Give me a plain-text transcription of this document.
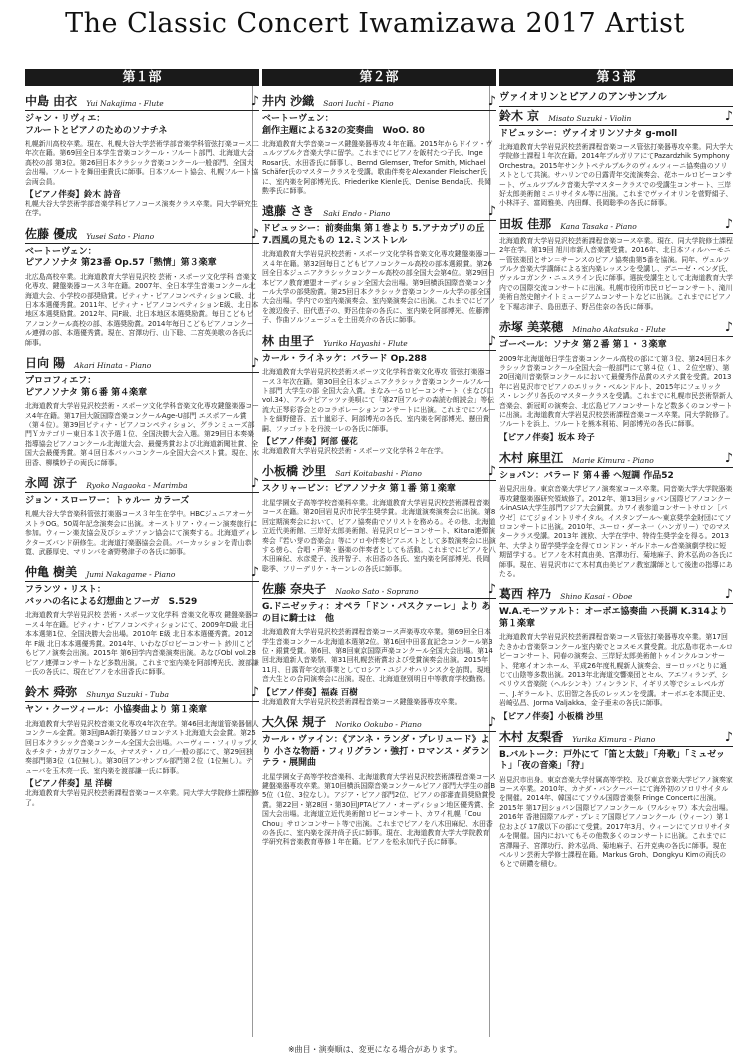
The Classic Concert Iwamizawa 2017 Artist
第１部
中島 由衣 Yui Nakajima - Flute	♪
ジャン・リヴィエ：
フルートとピアノのためのソナチネ
札幌新川高校卒業。現在、札幌大谷大学芸術学部音楽学科管弦打楽コース二年次在籍。第69回全日本学生音楽コンクール・フルート部門、北海道大会 高校の部 第3位。第26回日本クラシック音楽コンクール一般部門、全国大会出場。フルートを舞田亜貴氏に師事。日本フルート協会、札幌フルート協会両会員。
【ピアノ伴奏】鈴木 詩音
札幌大谷大学芸術学部音楽学科ピアノコース演奏クラス卒業。同大学研究生在学。
佐藤 優成 Yusei Sato - Piano	♪
ベートーヴェン：
ピアノソナタ 第23番 Op.57「熱情」第３楽章
北広島高校卒業。北海道教育大学岩見沢校 芸術・スポーツ文化学科 音楽文化専攻、鍵盤楽器コース３年在籍。2007年、全日本学生音楽コンクール北海道大会、小学校の部奨励賞。ピティナ・ピアノコンペティションC級、北日本本選優秀賞。2011年、ピティナ・ピアノコンペティションE級、北日本地区本選奨励賞。2012年、同F級、北日本地区本選奨励賞。毎日こどもピアノコンクール高校の部、本選奨励賞。2014年毎日こどもピアノコンクール連弾の部、本選優秀賞。現在、宮澤功行、山下聡、二宮英美歌の各氏に師事。
日向 陽 Akari Hinata - Piano	♪
プロコフィエフ：
ピアノソナタ 第６番 第４楽章
北海道教育大学岩見沢校芸術・スポーツ文化学科音楽文化専攻鍵盤楽器コース4年在籍。第17回大阪国際音楽コンクールAge-U部門 エスポアール賞（第４位）。第39回ピティナ・ピアノコンペティション、グランミューズ部門Ｙカテゴリー東日本１次予選１位、全国決勝大会入選。第29回日本奏楽指導協会ピアノコンクール北海道大会、最優秀賞および北海道新聞社賞、全国大会最優秀賞。第４回日本バッハコンクール全国大会ベスト賞。現在、水田香、柳橋妙子の両氏に師事。
永岡 涼子 Ryoko Nagaoka - Marimba	♪
ジョン・スローワー：トゥルー カラーズ
札幌大谷大学音楽科管弦打楽器コース３年生在学中。HBCジュニアオーケストラOG。50周年記念演奏会に出演。オーストリア・ウィーン演奏旅行に参加。ウィーン楽友協会及びシェテファン協会にて演奏する。北海道ディレクターズバンド研修生。北海道打楽器協会会員。パーカッションを青山恭寛、武藤厚史、マリンバを斎野勢津子の各氏に師事。
仲亀 樹美 Jumi Nakagame - Piano	♪
フランツ・リスト：
バッハの名による幻想曲とフーガ　S.529
北海道教育大学岩見沢校 芸術・スポーツ文化学科 音楽文化専攻 鍵盤楽器コース４年在籍。ピティナ・ピアノコンペティションにて、2009年D級 北日本本選第1位、全国決勝大会出場。2010年 E級 北日本本選優秀賞。2012年 F級 北日本本選優秀賞。2014年、いわなびロビーコンサート 紗川こどもピアノ演奏会出演。2015年 第6回学内音楽演奏出演。あなびObl vol.28 ピアノ連弾コンサートなど多数出演。これまで室内楽を阿部博光氏、渡部謙一氏の各氏に、現在ピアノを水田香氏に師事。
鈴木 舜弥 Shunya Suzuki - Tuba	♪
ヤン・クーツィール：小協奏曲より 第１楽章
北海道教育大学岩見沢校音楽文化専攻4年次在学。第46回北海道管楽器個人コンクール金賞。第3回JBA新打楽器ソロコンテスト北海道大会金賞。第25回日本クラシック音楽コンクール全国大会出場。ハーヴィー・フィリップス＆チタテ・カガワコンクール、ナマステ・ノロ／一般の部にて、第29回独奏部門第3位（1位無し）。第30回アンサンブル部門第２位（1位無し）。テューバを玉木亮一氏、室内楽を渡部謙一氏に師事。
【ピアノ伴奏】星 洋樹
北海道教育大学岩見沢校芸術課程音楽コース卒業。同大学大学院修士課程修了。
第２部
井内 沙織 Saori Iuchi - Piano	♪
ベートーヴェン：
創作主題による32の変奏曲　WoO. 80
北海道教育大学音楽コース鍵盤楽器専攻４年在籍。2015年からドイツ・ヴュルツブルク音楽大学に留学。これまでにピアノを飯村たつ子氏、Inge Rosar氏、水田香氏に師事し、Bernd Glemser, Trefor Smith, Michael Schäfer氏のマスタークラスを受講。歌曲伴奏をAlexander Fleischer氏に、室内楽を阿部博光氏、Friederike Kienle氏、Denise Benda氏、長岡勲季氏に師事。
遠藤 さき Saki Endo - Piano	♪
ドビュッシー：前奏曲集 第１巻より 5.アナカプリの丘 7.西風の見たもの 12.ミンストレル
北海道教育大学岩見沢校芸術・スポーツ文化学科音楽文化専攻鍵盤楽器コース４年在籍。第32回毎日こどもピアノコンクール高校の部本選銀賞。第26回全日本ジュニアクラシックコンクール高校の部全国大会第4位。第29回日本ピアノ教育連盟オーディション全国大会出場。第9回横浜国際音楽コンクール大学の部奨励賞。第25回日本クラシック音楽コンクール大学の部全国大会出場。学内での室内楽演奏会、室内楽演奏会に出演。これまでにピアノを渡辺俊子、田代恵子の、野呂佳奈の各氏に、室内楽を阿部博光、佐藤滞子、作曲ソルフェージュを土田英介の各氏に師事。
林 由里子 Yuriko Hayashi - Flute	♪
カール・ライネッケ：バラード Op.288
北海道教育大学岩見沢校芸術スポーツ文化学科音楽文化専攻 管弦打楽器コース３年次在籍。第30回全日本ジュニアクラシック音楽コンクールフルート部門 大学生の部 全国大会入賞。まなみ一るロビーコンサート（まなび口vol.34）、アルテピアッツァ美唄にて「第27回アルテの森読む朗読会」等伝流大正琴彩香会とのコラボレーションコンサートに出演。これまでにフルートを細野健吾、五十嵐彩子、阿部博光の各氏、室内楽を阿部博光、懸田貴嗣、ファゴットを丹波一レの各氏に師事。
【ピアノ伴奏】阿部 優花
北海道教育大学岩見沢校芸術・スポーツ文化学科２年在学。
小板橋 沙里 Sari Koitabashi - Piano	♪
スクリャービン：ピアノソナタ 第１番 第１楽章
北星学園女子高等学校音楽科卒業。北海道教育大学岩見沢校芸術課程音楽コース在籍。第20回岩見沢市民学生奨学賞。北海道演奏演奏会に出演。第8回定期演奏会において、ピアノ協奏曲でソリストを務める。その他、北海道立近代美術館、三岸好太郎美術館、岩見沢ロビーコンサート、Kitara連弾演奏会『若い芽の音楽会』等にソロや伴奏ピアニストとして多数演奏会に出演する傍ら、合唱・声楽・器楽の伴奏者としても活動。これまでにピアノを八木田麻紀、水彦愛子、浅井智子、水田香の各氏、室内楽を阿部博光、長岡聡季、フリーデリケ・キーンレの各氏に師事。
佐藤 奈央子 Naoko Sato - Soprano	♪
G.ドニゼッティ：オペラ「ドン・パスクァーレ」より あの目に騎士は　他
北海道教育大学岩見沢校芸術課程音楽コース声楽専攻卒業。第69回全日本学生音楽コンクール北海道本選第2位。第16回中田喜直記念コンクール第3位・銀賞受賞。第6回、第8回東京国際声楽コンクール全国大会出場。第14回北海道新人音楽祭、第31回札幌芸術賞および受賞演奏会出演。2015年11月、日露青年交流事業としてロシア・ユジノサハリンスクを訪問。現地音大生との合同演奏会に出演。現在、北海道登別明日中等教育学校勤務。
【ピアノ伴奏】福森 百樹
北海道教育大学岩見沢校芸術課程音楽コース鍵盤楽器専攻卒業。
大久保 規子 Noriko Ookubo - Piano	♪
カール・ヴァイン：《アンネ・ランダ・プレリュード》より 小さな物語・フィリグラン・強打・ロマンス・ダランテラ・展開曲
北星学園女子高等学校音楽科、北海道教育大学岩見沢校芸術課程音楽コース鍵盤楽器専攻卒業。第10回横浜国際音楽コンクールピアノ部門大学生の部B 5位（1位、3位なし）。アジア・ピアノ部門2位、ピアノの部審査員奨励賞受賞。第22回・第28回・第30回JPTAピアノ・オーディション地区優秀賞、全国大会出場。北海道立近代美術館ロビーコンサート、カワイ札幌「Cou Chou」サロンコンサート等で出演。これまでピアノを八木田麻紀、水田香の各氏に、室内楽を深井尚子氏に師事。現在、北海道教育大学大学院教育学研究科音楽教育専修１年在籍。ピアノを松永加代子氏に師事。
第３部
ヴァイオリンとピアノのアンサンブル
鈴木 京 Misato Suzuki - Violin	♪
ドビュッシー：ヴァイオリンソナタ g-moll
北海道教育大学岩見沢校芸術課程音楽コース管弦打楽器専攻卒業。同大学大学院修士課程１年次在籍。2014年ブルガリアにてPazardzhik Symphony Orchestra。2015年サンクトペテルブルクのヴィルツィーニ協奏曲のソリストとして共演。サハリンでの日露青年交流演奏会、花ホールロビーコンサート、ヴュルツブルク音楽大学マスタークラスでの受講生コンサート、三岸好太郎美術館ミニリサイタル等に出演。これまでヴァイオリンを菅野絹子、小林洋子、富岡雅美、内田輝、長岡聡季の各氏に師事。
田坂 佳那 Kana Tasaka - Piano	♪
北海道教育大学岩見沢校芸術課程音楽コース卒業。現在、同大学院修士課程2年在学。第19回 旭川市新人音楽賞受賞。2016年、北日本フィルハーモニー管弦楽団とサン＝サーンスのピアノ協奏曲第5番を協演。同年、ヴュルツブルク音楽大学講師による室内楽レッスンを受講し、デニーゼ・ベンダ氏、ヴァルコガンク・ニュスライン氏に師事。選抜受講生として北海道教育大学内での国際交流コンサートに出演。札幌市役所市民ロビーコンサート、滝川美術自然史館ナイトミュージアムコンサートなどに出演。これまでにピアノを下堀志津子、島田恵子、野呂佳奈の各氏に師事。
赤塚 美菜穂 Minaho Akatsuka - Flute	♪
ゴーベール：ソナタ 第２番 第１・３楽章
2009年北海道毎日学生音楽コンクール高校の部にて第３位、第24回日本クラシック音楽コンクール全国大会一般部門にて第４位（１、２位空席）、第20回滝川音楽祭コンクールにおいて最優秀作品賞のステス賞を受賞。2013年に岩見沢市でピアノのエリック・ベルンドルト、2015年にフェリックス・レングリ各氏のマスタークラスを受講。これまでに札幌市民芸術祭新人音楽会、新冠町の演奏会、北広島ピアノコンサートなど数多くのコンサートに出演。北海道教育大学岩見沢校芸術課程音楽コース卒業。同大学院修了。フルートを浜上、フルートを熊本利祐、阿部博光の各氏に師事。
【ピアノ伴奏】坂本 玲子
木村 麻里江 Marie Kimura - Piano	♪
ショパン：バラード 第４番 ヘ短調 作品52
岩見沢出身。東京音楽大学ピアノ演奏家コース卒業。同音楽大学大学院器楽専攻鍵盤楽器研究領域修了。2012年、第13回ショパン国際ピアノコンクールinASIA大学生部門アジア大会銅賞。カワイ表参道コンサートサロン［パウゼ］にてジョイントリサイタル。イスタンブール～東京奨学金財団にてソロコンサートに出演。2010年、ユーロ・ダーネ一（ハンガリー）でのマスタークラス受講。2013年 渡欧、大学在学中、特待生奨学金を得る。2013年、大学より留学奨学金を得てロンドン・ギルドホール音楽演劇学校に短期留学する。ピアノを木村真由美、宮澤功行、菊地麻子、鈴木弘尚の各氏に師事。現在、岩見沢市にて木村真由美ピアノ教室講師として後進の指導にあたる。
葛西 梓乃 Shino Kasai - Oboe	♪
W.A.モーツァルト：オーボエ協奏曲 ハ長調 K.314より 第１楽章
北海道教育大学岩見沢校芸術課程音楽コース管弦打楽器専攻卒業。第17回たきかわ音楽祭コンクール室内楽でとコスモス賞受賞。北広島市花ホールロビーコンサート、同春の演奏会、三岸好太郎美術館トゥインクルコンサート、発寒イオンホール、平成26年度札幌新人演奏会、ヨーロッパとりに通じて山陰等多数出演。2013年北海道交響楽団とセル、アエフィランデ、シベリウス音楽院（ヘルシンキ）フィンランド、イギリス等でシェレベルガー、J.ギラールト、広田智之各氏のレッスンを受講。オーボエを本間正史、岩崎弘昌、Jorma Valjakka、金子亜未の各氏に師事。
【ピアノ伴奏】小板橋 沙里
木村 友梨香 Yurika Kimura - Piano	♪
B.バルトーク：戸外にて「笛と太鼓」「舟歌」「ミュゼット」「夜の音楽」「狩」
岩見沢市出身。東京音楽大学付属高等学校、及び東京音楽大学ピアノ演奏家コース卒業。2010年、カナダ・バンクーバーにて海外初のソロリサイタルを開催。2014年、韓国にてソウル国際音楽祭 Fringe Concertに出演。2015年 第17回ショパン国際ピアノコンクール（ワルシャワ）本大会出場。2016年 香港国際アルデ・プレミア国際ピアノコンクール（ウィーン）第１位および 17歳以下の部にて受賞。2017年3月、ウィーンにてソロリサイタルを開催。国内においてもその他数多くのコンサートに出演。これまでに宮澤陽子、宮澤功行、鈴木弘尚、菊地麻子、石井克典の各氏に師事。現在ベルリン芸術大学修士課程在籍。Markus Groh、Dongkyu Kimの両氏のもとで研鑽を積む。
※曲目・演奏順は、変更になる場合があります。
